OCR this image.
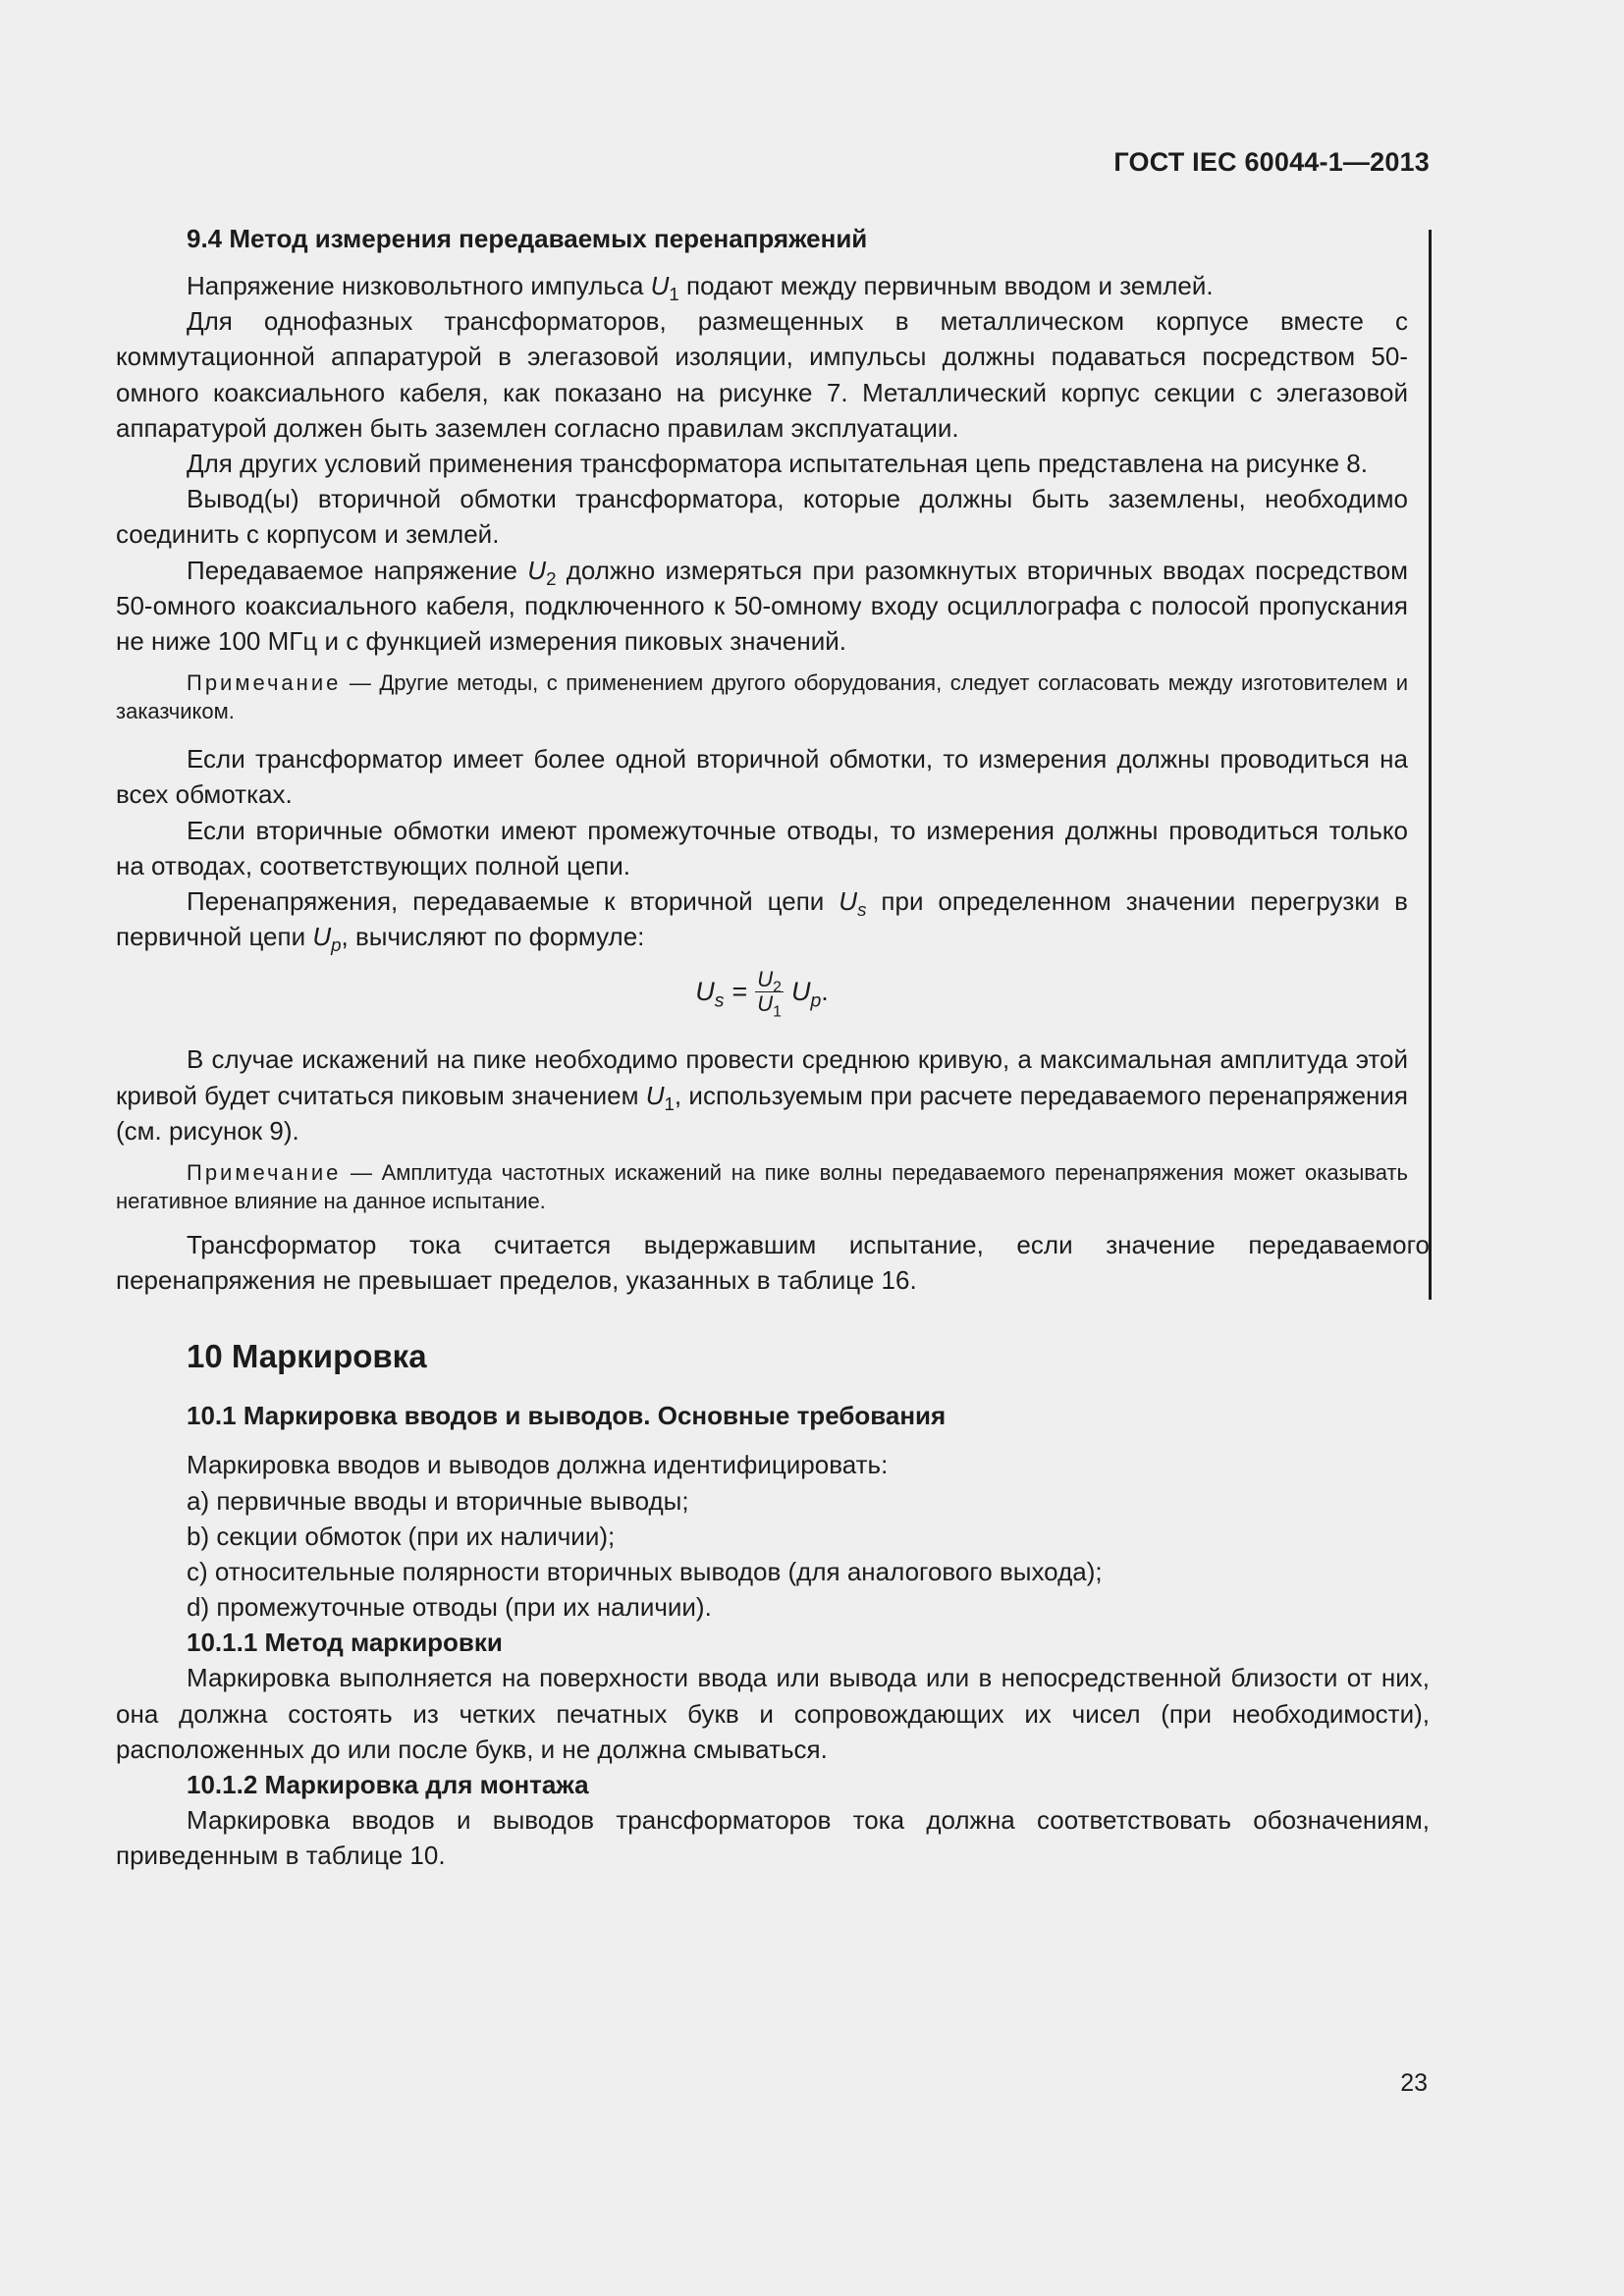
ГОСТ IEC 60044-1—2013

9.4 Метод измерения передаваемых перенапряжений

Напряжение низковольтного импульса $U_1$ подают между первичным вводом и землей.

Для однофазных трансформаторов, размещенных в металлическом корпусе вместе с коммутационной аппаратурой в элегазовой изоляции, импульсы должны подаваться посредством 50-омного коаксиального кабеля, как показано на рисунке 7. Металлический корпус секции с элегазовой аппаратурой должен быть заземлен согласно правилам эксплуатации.

Для других условий применения трансформатора испытательная цепь представлена на рисунке 8.

Вывод(ы) вторичной обмотки трансформатора, которые должны быть заземлены, необходимо соединить с корпусом и землей.

Передаваемое напряжение $U_2$ должно измеряться при разомкнутых вторичных вводах посредством 50-омного коаксиального кабеля, подключенного к 50-омному входу осциллографа с полосой пропускания не ниже 100 МГц и с функцией измерения пиковых значений.

Примечание — Другие методы, с применением другого оборудования, следует согласовать между изготовителем и заказчиком.

Если трансформатор имеет более одной вторичной обмотки, то измерения должны проводиться на всех обмотках.

Если вторичные обмотки имеют промежуточные отводы, то измерения должны проводиться только на отводах, соответствующих полной цепи.

Перенапряжения, передаваемые к вторичной цепи $U_s$ при определенном значении перегрузки в первичной цепи $U_p$, вычисляют по формуле:

$U_s = \frac{U_2}{U_1} U_p$.

В случае искажений на пике необходимо провести среднюю кривую, а максимальная амплитуда этой кривой будет считаться пиковым значением $U_1$, используемым при расчете передаваемого перенапряжения (см. рисунок 9).

Примечание — Амплитуда частотных искажений на пике волны передаваемого перенапряжения может оказывать негативное влияние на данное испытание.

Трансформатор тока считается выдержавшим испытание, если значение передаваемого перенапряжения не превышает пределов, указанных в таблице 16.

10 Маркировка

10.1 Маркировка вводов и выводов. Основные требования

Маркировка вводов и выводов должна идентифицировать:

a) первичные вводы и вторичные выводы;

b) секции обмоток (при их наличии);

c) относительные полярности вторичных выводов (для аналогового выхода);

d) промежуточные отводы (при их наличии).

10.1.1 Метод маркировки

Маркировка выполняется на поверхности ввода или вывода или в непосредственной близости от них, она должна состоять из четких печатных букв и сопровождающих их чисел (при необходимости), расположенных до или после букв, и не должна смываться.

10.1.2 Маркировка для монтажа

Маркировка вводов и выводов трансформаторов тока должна соответствовать обозначениям, приведенным в таблице 10.

23
